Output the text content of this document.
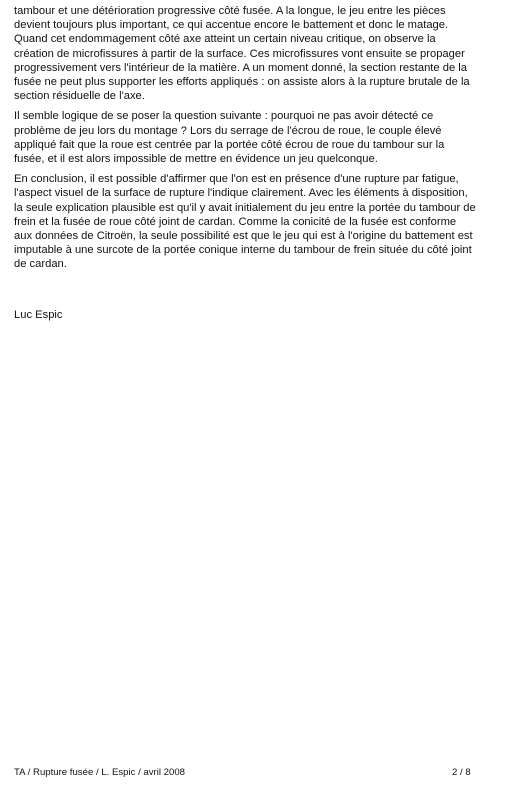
tambour et une détérioration progressive côté fusée. A la longue, le jeu entre les pièces
devient toujours plus important, ce qui accentue encore le battement et donc le matage.
Quand cet endommagement côté axe atteint un certain niveau critique, on observe la
création de microfissures à partir de la surface. Ces microfissures vont ensuite se propager
progressivement vers l'intérieur de la matière. A un moment donné, la section restante de la
fusée ne peut plus supporter les efforts appliqués : on assiste alors à la rupture brutale de la
section résiduelle de l'axe.

Il semble logique de se poser la question suivante : pourquoi ne pas avoir détecté ce
problème de jeu lors du montage ? Lors du serrage de l'écrou de roue, le couple élevé
appliqué fait que la roue est centrée par la portée côté écrou de roue du tambour sur la
fusée, et il est alors impossible de mettre en évidence un jeu quelconque.

En conclusion, il est possible d'affirmer que l'on est en présence d'une rupture par fatigue,
l'aspect visuel de la surface de rupture l'indique clairement. Avec les éléments à disposition,
la seule explication plausible est qu'il y avait initialement du jeu entre la portée du tambour de
frein et la fusée de roue côté joint de cardan. Comme la conicité de la fusée est conforme
aux données de Citroën, la seule possibilité est que le jeu qui est à l'origine du battement est
imputable à une surcote de la portée conique interne du tambour de frein située du côté joint
de cardan.

Luc Espic
TA / Rupture fusée / L. Espic / avril 2008	2 / 8
